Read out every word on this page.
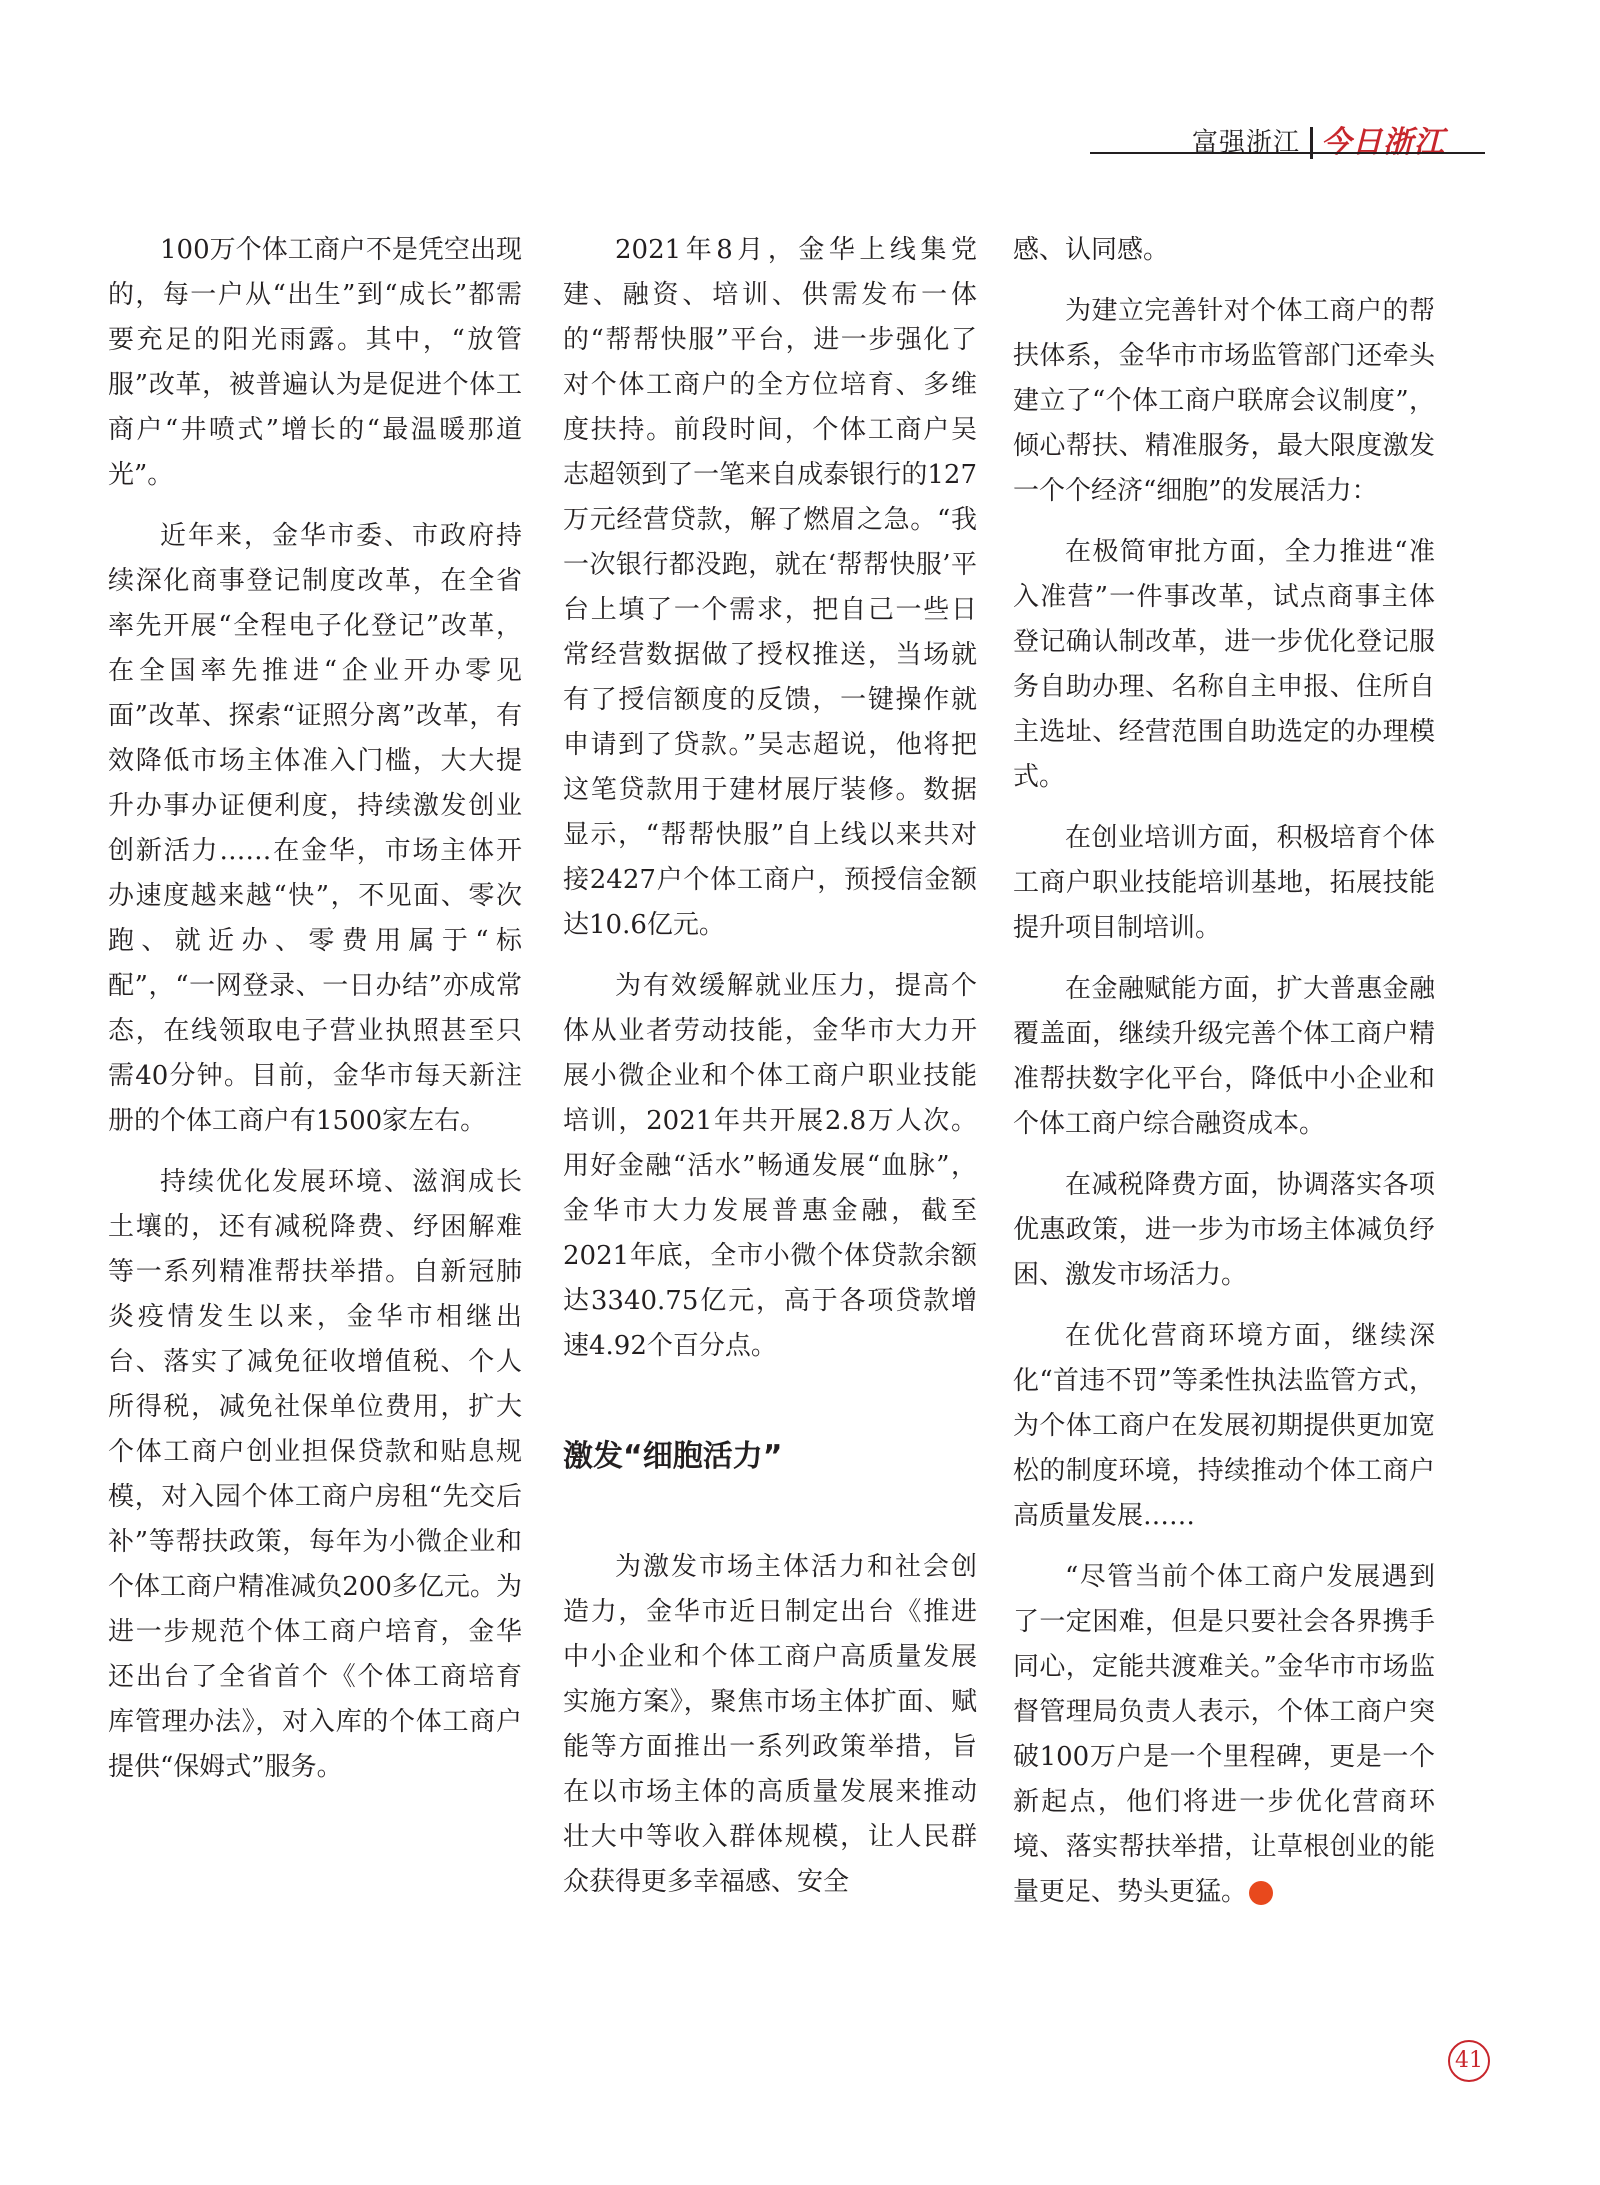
富强浙江 今日浙江

100万个体工商户不是凭空出现的，每一户从“出生”到“成长”都需要充足的阳光雨露。其中，“放管服”改革，被普遍认为是促进个体工商户“井喷式”增长的“最温暖那道光”。

近年来，金华市委、市政府持续深化商事登记制度改革，在全省率先开展“全程电子化登记”改革，在全国率先推进“企业开办零见面”改革、探索“证照分离”改革，有效降低市场主体准入门槛，大大提升办事办证便利度，持续激发创业创新活力……在金华，市场主体开办速度越来越“快”，不见面、零次跑、就近办、零费用属于“标配”，“一网登录、一日办结”亦成常态，在线领取电子营业执照甚至只需40分钟。目前，金华市每天新注册的个体工商户有1500家左右。

持续优化发展环境、滋润成长土壤的，还有减税降费、纾困解难等一系列精准帮扶举措。自新冠肺炎疫情发生以来，金华市相继出台、落实了减免征收增值税、个人所得税，减免社保单位费用，扩大个体工商户创业担保贷款和贴息规模，对入园个体工商户房租“先交后补”等帮扶政策，每年为小微企业和个体工商户精准减负200多亿元。为进一步规范个体工商户培育，金华还出台了全省首个《个体工商培育库管理办法》，对入库的个体工商户提供“保姆式”服务。

2021年8月，金华上线集党建、融资、培训、供需发布一体的“帮帮快服”平台，进一步强化了对个体工商户的全方位培育、多维度扶持。前段时间，个体工商户吴志超领到了一笔来自成泰银行的127万元经营贷款，解了燃眉之急。“我一次银行都没跑，就在‘帮帮快服’平台上填了一个需求，把自己一些日常经营数据做了授权推送，当场就有了授信额度的反馈，一键操作就申请到了贷款。”吴志超说，他将把这笔贷款用于建材展厅装修。数据显示，“帮帮快服”自上线以来共对接2427户个体工商户，预授信金额达10.6亿元。

为有效缓解就业压力，提高个体从业者劳动技能，金华市大力开展小微企业和个体工商户职业技能培训，2021年共开展2.8万人次。用好金融“活水”畅通发展“血脉”，金华市大力发展普惠金融，截至2021年底，全市小微个体贷款余额达3340.75亿元，高于各项贷款增速4.92个百分点。

激发“细胞活力”

为激发市场主体活力和社会创造力，金华市近日制定出台《推进中小企业和个体工商户高质量发展实施方案》，聚焦市场主体扩面、赋能等方面推出一系列政策举措，旨在以市场主体的高质量发展来推动壮大中等收入群体规模，让人民群众获得更多幸福感、安全

感、认同感。

为建立完善针对个体工商户的帮扶体系，金华市市场监管部门还牵头建立了“个体工商户联席会议制度”，倾心帮扶、精准服务，最大限度激发一个个经济“细胞”的发展活力：

在极简审批方面，全力推进“准入准营”一件事改革，试点商事主体登记确认制改革，进一步优化登记服务自助办理、名称自主申报、住所自主选址、经营范围自助选定的办理模式。

在创业培训方面，积极培育个体工商户职业技能培训基地，拓展技能提升项目制培训。

在金融赋能方面，扩大普惠金融覆盖面，继续升级完善个体工商户精准帮扶数字化平台，降低中小企业和个体工商户综合融资成本。

在减税降费方面，协调落实各项优惠政策，进一步为市场主体减负纾困、激发市场活力。

在优化营商环境方面，继续深化“首违不罚”等柔性执法监管方式，为个体工商户在发展初期提供更加宽松的制度环境，持续推动个体工商户高质量发展……

“尽管当前个体工商户发展遇到了一定困难，但是只要社会各界携手同心，定能共渡难关。”金华市市场监督管理局负责人表示，个体工商户突破100万户是一个里程碑，更是一个新起点，他们将进一步优化营商环境、落实帮扶举措，让草根创业的能量更足、势头更猛。	今

41
